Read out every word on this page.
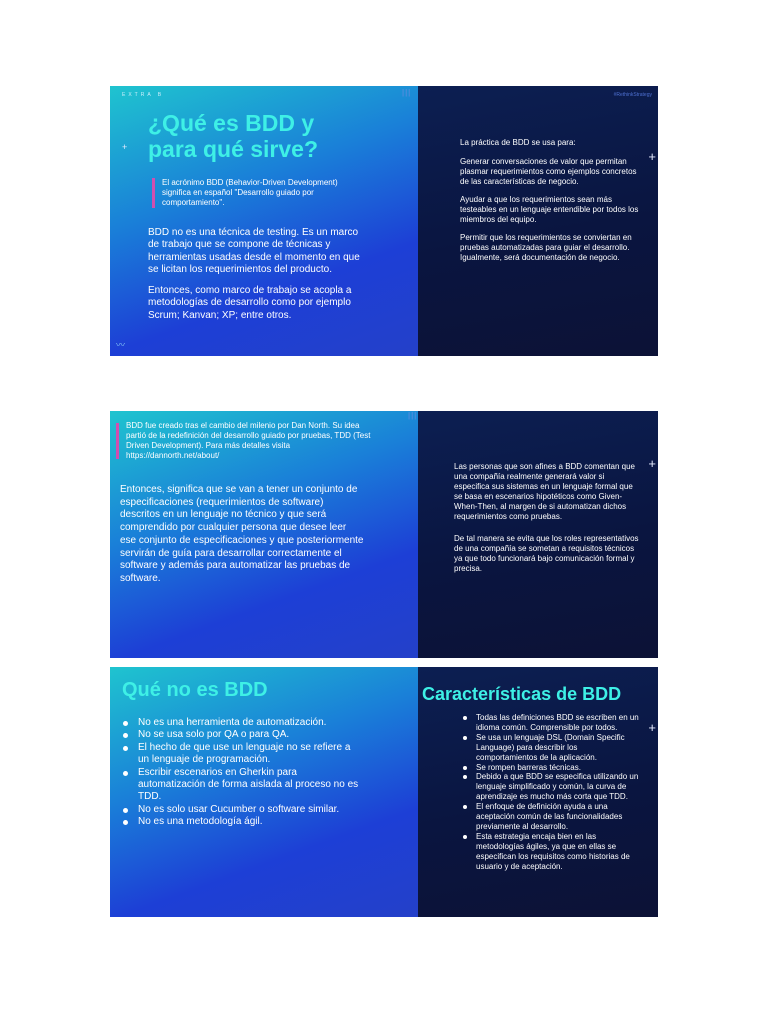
EXTRA B
¿Qué es BDD y
para qué sirve?
El acrónimo BDD (Behavior-Driven Development) significa en español "Desarrollo guiado por comportamiento".
BDD no es una técnica de testing. Es un marco de trabajo que se compone de técnicas y herramientas usadas desde el momento en que se licitan los requerimientos del producto.
Entonces, como marco de trabajo se acopla a metodologías de desarrollo como por ejemplo Scrum; Kanvan; XP; entre otros.
〰
+
#RethinkStrategy

La práctica de BDD se usa para:

Generar conversaciones de valor que permitan plasmar requerimientos como ejemplos concretos de las características de negocio.

Ayudar a que los requerimientos sean más testeables en un lenguaje entendible por todos los miembros del equipo.

Permitir que los requerimientos se conviertan en pruebas automatizadas para guiar el desarrollo. Igualmente, será documentación de negocio.

+
|||
BDD fue creado tras el cambio del milenio por Dan North. Su idea partió de la redefinición del desarrollo guiado por pruebas, TDD (Test Driven Development). Para más detalles visita https://dannorth.net/about/
Entonces, significa que se van a tener un conjunto de especificaciones (requerimientos de software) descritos en un lenguaje no técnico y que será comprendido por cualquier persona que desee leer ese conjunto de especificaciones y que posteriormente servirán de guía para desarrollar correctamente el software y además para automatizar las pruebas de software.

Las personas que son afines a BDD comentan que una compañía realmente generará valor si especifica sus sistemas en un lenguaje formal que se basa en escenarios hipotéticos como Given-When-Then, al margen de si automatizan dichos requerimientos como pruebas.

De tal manera se evita que los roles representativos de una compañía se sometan a requisitos técnicos ya que todo funcionará bajo comunicación formal y precisa.

+
|||
Qué no es BDD
No es una herramienta de automatización.
No se usa solo por QA o para QA.
El hecho de que use un lenguaje no se refiere a un lenguaje de programación.
Escribir escenarios en Gherkin para automatización de forma aislada al proceso no es TDD.
No es solo usar Cucumber o software similar.
No es una metodología ágil.
Características de BDD
Todas las definiciones BDD se escriben en un idioma común. Comprensible por todos.
Se usa un lenguaje DSL (Domain Specific Language) para describir los comportamientos de la aplicación.
Se rompen barreras técnicas.
Debido a que BDD se especifica utilizando un lenguaje simplificado y común, la curva de aprendizaje es mucho más corta que TDD.
El enfoque de definición ayuda a una aceptación común de las funcionalidades previamente al desarrollo.
Esta estrategia encaja bien en las metodologías ágiles, ya que en ellas se especifican los requisitos como historias de usuario y de aceptación.
+
